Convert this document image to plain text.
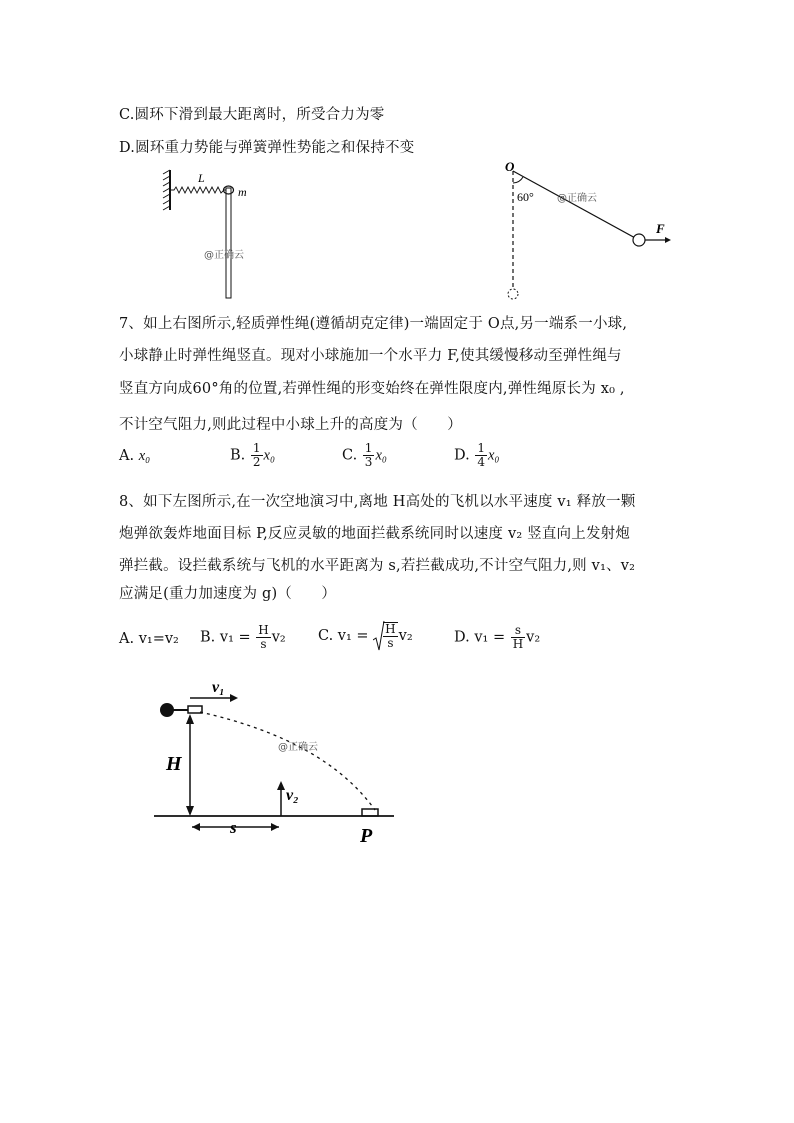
C.圆环下滑到最大距离时，所受合力为零
D.圆环重力势能与弹簧弹性势能之和保持不变
L
m
@正确云
O
60° @正确云
F
7、如上右图所示,轻质弹性绳(遵循胡克定律)一端固定于 O点,另一端系一小球,
小球静止时弹性绳竖直。现对小球施加一个水平力 F,使其缓慢移动至弹性绳与
竖直方向成60°角的位置,若弹性绳的形变始终在弹性限度内,弹性绳原长为 x₀ ,
不计空气阻力,则此过程中小球上升的高度为（　　）
A. x₀	B. $\frac{1}{2} x_0$	C. $\frac{1}{3} x_0$	D. $\frac{1}{4} x_0$
8、如下左图所示,在一次空地演习中,离地 H高处的飞机以水平速度 v₁ 释放一颗
炮弹欲轰炸地面目标 P,反应灵敏的地面拦截系统同时以速度 v₂ 竖直向上发射炮
弹拦截。设拦截系统与飞机的水平距离为 s,若拦截成功,不计空气阻力,则 v₁、v₂
应满足(重力加速度为 g)（　　）
A. v₁=v₂ B. $v_1 = \frac{H}{s} v_2$ C. $v_1 = \frac{H}{s} v_2$	D. $v_1 = \frac{s}{H} v_2$
v₁
@正确云
H
v₂
s	P
